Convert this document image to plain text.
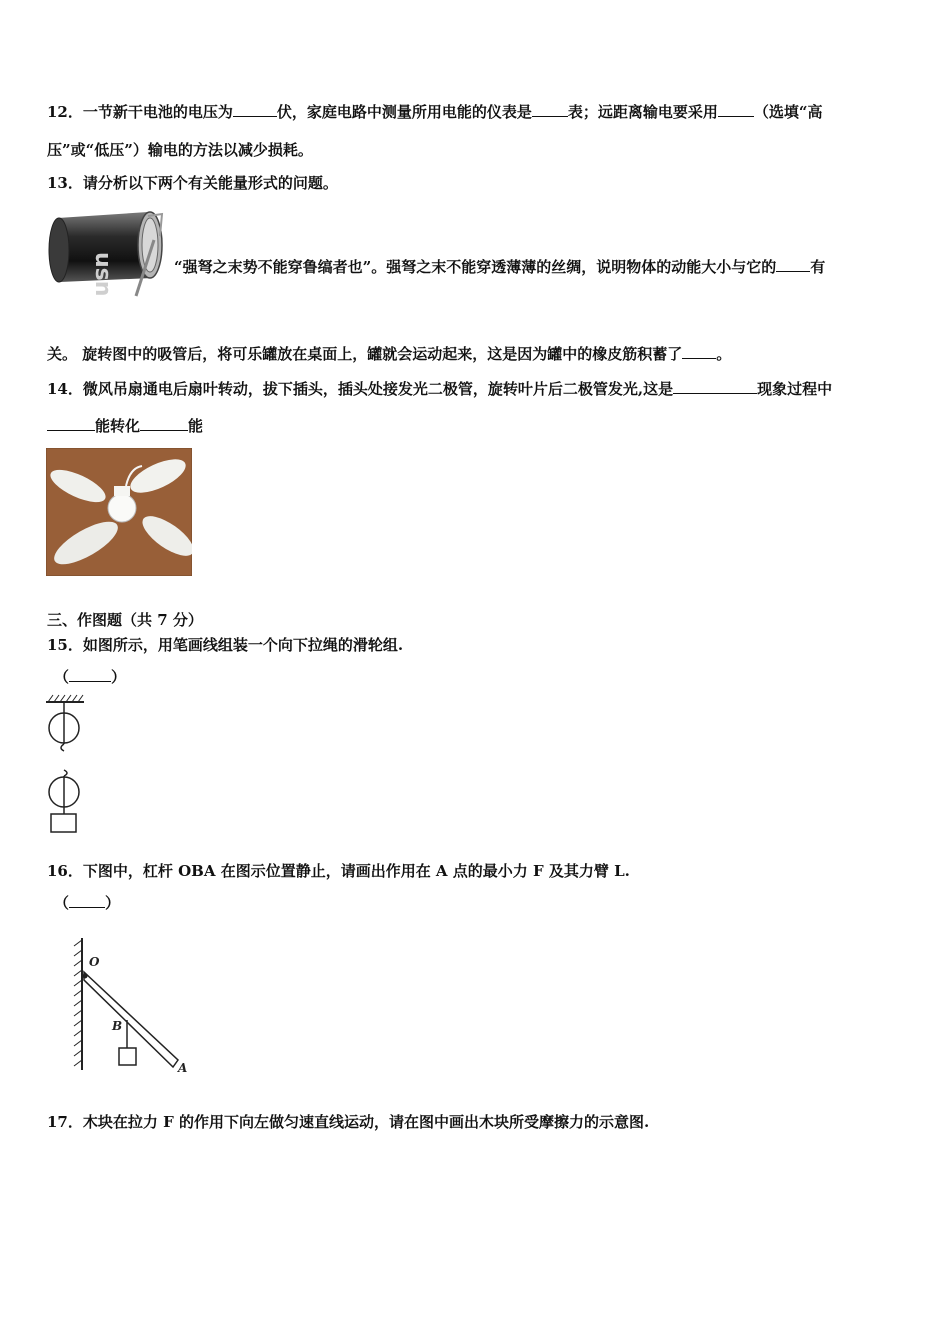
12．一节新干电池的电压为	伏，家庭电路中测量所用电能的仪表是 表；远距离输电要采用 （选填“高
压”或“低压”）输电的方法以减少损耗。
13．请分析以下两个有关能量形式的问题。
usn	“强弩之末势不能穿鲁缟者也”。强弩之末不能穿透薄薄的丝绸，说明物体的动能大小与它的 有
关。 旋转图中的吸管后，将可乐罐放在桌面上，罐就会运动起来，这是因为罐中的橡皮筋积蓄了 。
14．微风吊扇通电后扇叶转动，拔下插头，插头处接发光二极管，旋转叶片后二极管发光,这是	现象过程中
能转化	能
三、作图题（共 7 分）
15．如图所示，用笔画线组装一个向下拉绳的滑轮组.
（	）
16．下图中，杠杆 OBA 在图示位置静止，请画出作用在 A 点的最小力 F 及其力臂 L.
（ ）
O
B
A
17．木块在拉力 F 的作用下向左做匀速直线运动，请在图中画出木块所受摩擦力的示意图.
